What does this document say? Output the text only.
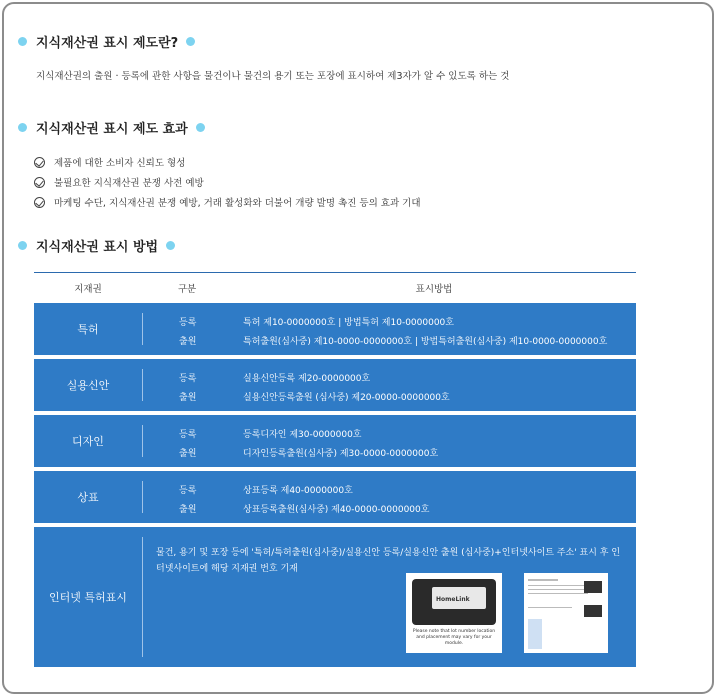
지식재산권 표시 제도란?
지식재산권의 출원 · 등록에 관한 사항을 물건이나 물건의 용기 또는 포장에 표시하여 제3자가 알 수 있도록 하는 것
지식재산권 표시 제도 효과
제품에 대한 소비자 신뢰도 형성
불필요한 지식재산권 분쟁 사전 예방
마케팅 수단, 지식재산권 분쟁 예방, 거래 활성화와 더불어 개량 발명 촉진 등의 효과 기대
지식재산권 표시 방법
지재권	구분	표시방법
특허	등록	특허 제10-0000000호 | 방법특허 제10-0000000호
출원	특허출원(심사중) 제10-0000-0000000호 | 방법특허출원(심사중) 제10-0000-0000000호
실용신안	등록	실용신안등록 제20-0000000호
출원	실용신안등록출원 (심사중) 제20-0000-0000000호
디자인	등록	등록디자인 제30-0000000호
출원	디자인등록출원(심사중) 제30-0000-0000000호
상표	등록	상표등록 제40-0000000호
출원	상표등록출원(심사중) 제40-0000-0000000호
인터넷 특허표시
물건, 용기 및 포장 등에 '특허/특허출원(심사중)/실용신안 등록/실용신안 출원 (심사중)+인터넷사이트 주소' 표시 후 인터넷사이트에 해당 지재권 번호 기재
HomeLink
Please note that lot number location and placement may vary for your module.
